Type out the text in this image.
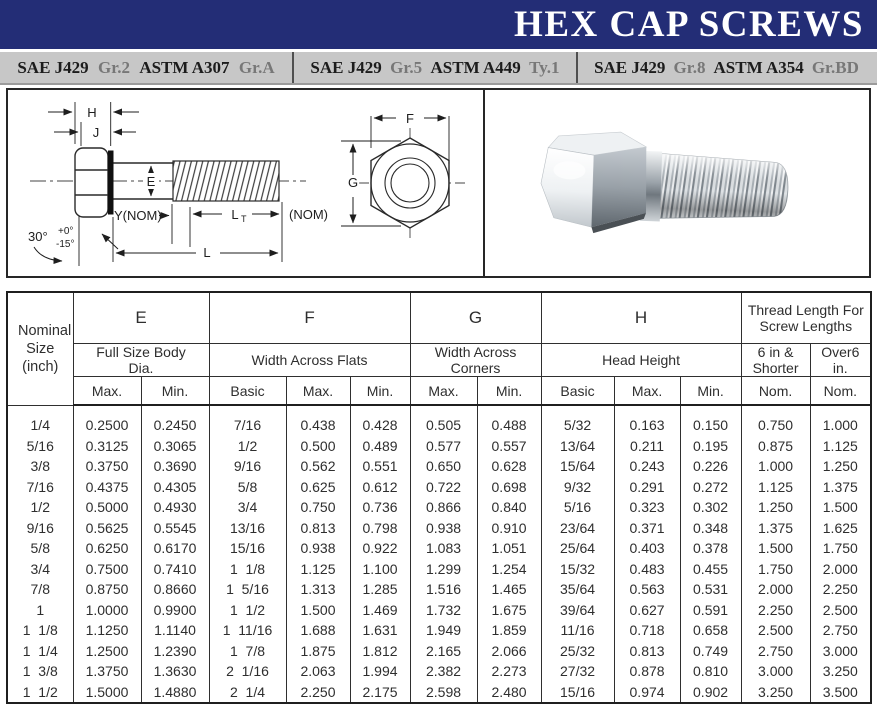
HEX CAP SCREWS
SAE J429 Gr.2 ASTM A307 Gr.A SAE J429 Gr.5 ASTM A449 Ty.1 SAE J429 Gr.8 ASTM A354 Gr.BD
H
J
E
Y(NOM)	L T	(NOM)
L
30° +0°
-15°
F
G
Nominal
Size
(inch)	E		F			G		H			Thread Length For Screw Lengths	
	Full Size Body Dia.		Width Across Flats			Width Across Corners		Head Height			6 in & Shorter	Over6 in.
	Max.	Min.	Basic	Max.	Min.	Max.	Min.	Basic	Max.	Min.	Nom.	Nom.
1/4	0.2500	0.2450	7/16	0.438	0.428	0.505	0.488	5/32	0.163	0.150	0.750	1.000
5/16	0.3125	0.3065	1/2	0.500	0.489	0.577	0.557	13/64	0.211	0.195	0.875	1.125
3/8	0.3750	0.3690	9/16	0.562	0.551	0.650	0.628	15/64	0.243	0.226	1.000	1.250
7/16	0.4375	0.4305	5/8	0.625	0.612	0.722	0.698	9/32	0.291	0.272	1.125	1.375
1/2	0.5000	0.4930	3/4	0.750	0.736	0.866	0.840	5/16	0.323	0.302	1.250	1.500
9/16	0.5625	0.5545	13/16	0.813	0.798	0.938	0.910	23/64	0.371	0.348	1.375	1.625
5/8	0.6250	0.6170	15/16	0.938	0.922	1.083	1.051	25/64	0.403	0.378	1.500	1.750
3/4	0.7500	0.7410	1  1/8	1.125	1.100	1.299	1.254	15/32	0.483	0.455	1.750	2.000
7/8	0.8750	0.8660	1  5/16	1.313	1.285	1.516	1.465	35/64	0.563	0.531	2.000	2.250
1	1.0000	0.9900	1  1/2	1.500	1.469	1.732	1.675	39/64	0.627	0.591	2.250	2.500
1  1/8	1.1250	1.1140	1  11/16	1.688	1.631	1.949	1.859	11/16	0.718	0.658	2.500	2.750
1  1/4	1.2500	1.2390	1  7/8	1.875	1.812	2.165	2.066	25/32	0.813	0.749	2.750	3.000
1  3/8	1.3750	1.3630	2  1/16	2.063	1.994	2.382	2.273	27/32	0.878	0.810	3.000	3.250
1  1/2	1.5000	1.4880	2  1/4	2.250	2.175	2.598	2.480	15/16	0.974	0.902	3.250	3.500
